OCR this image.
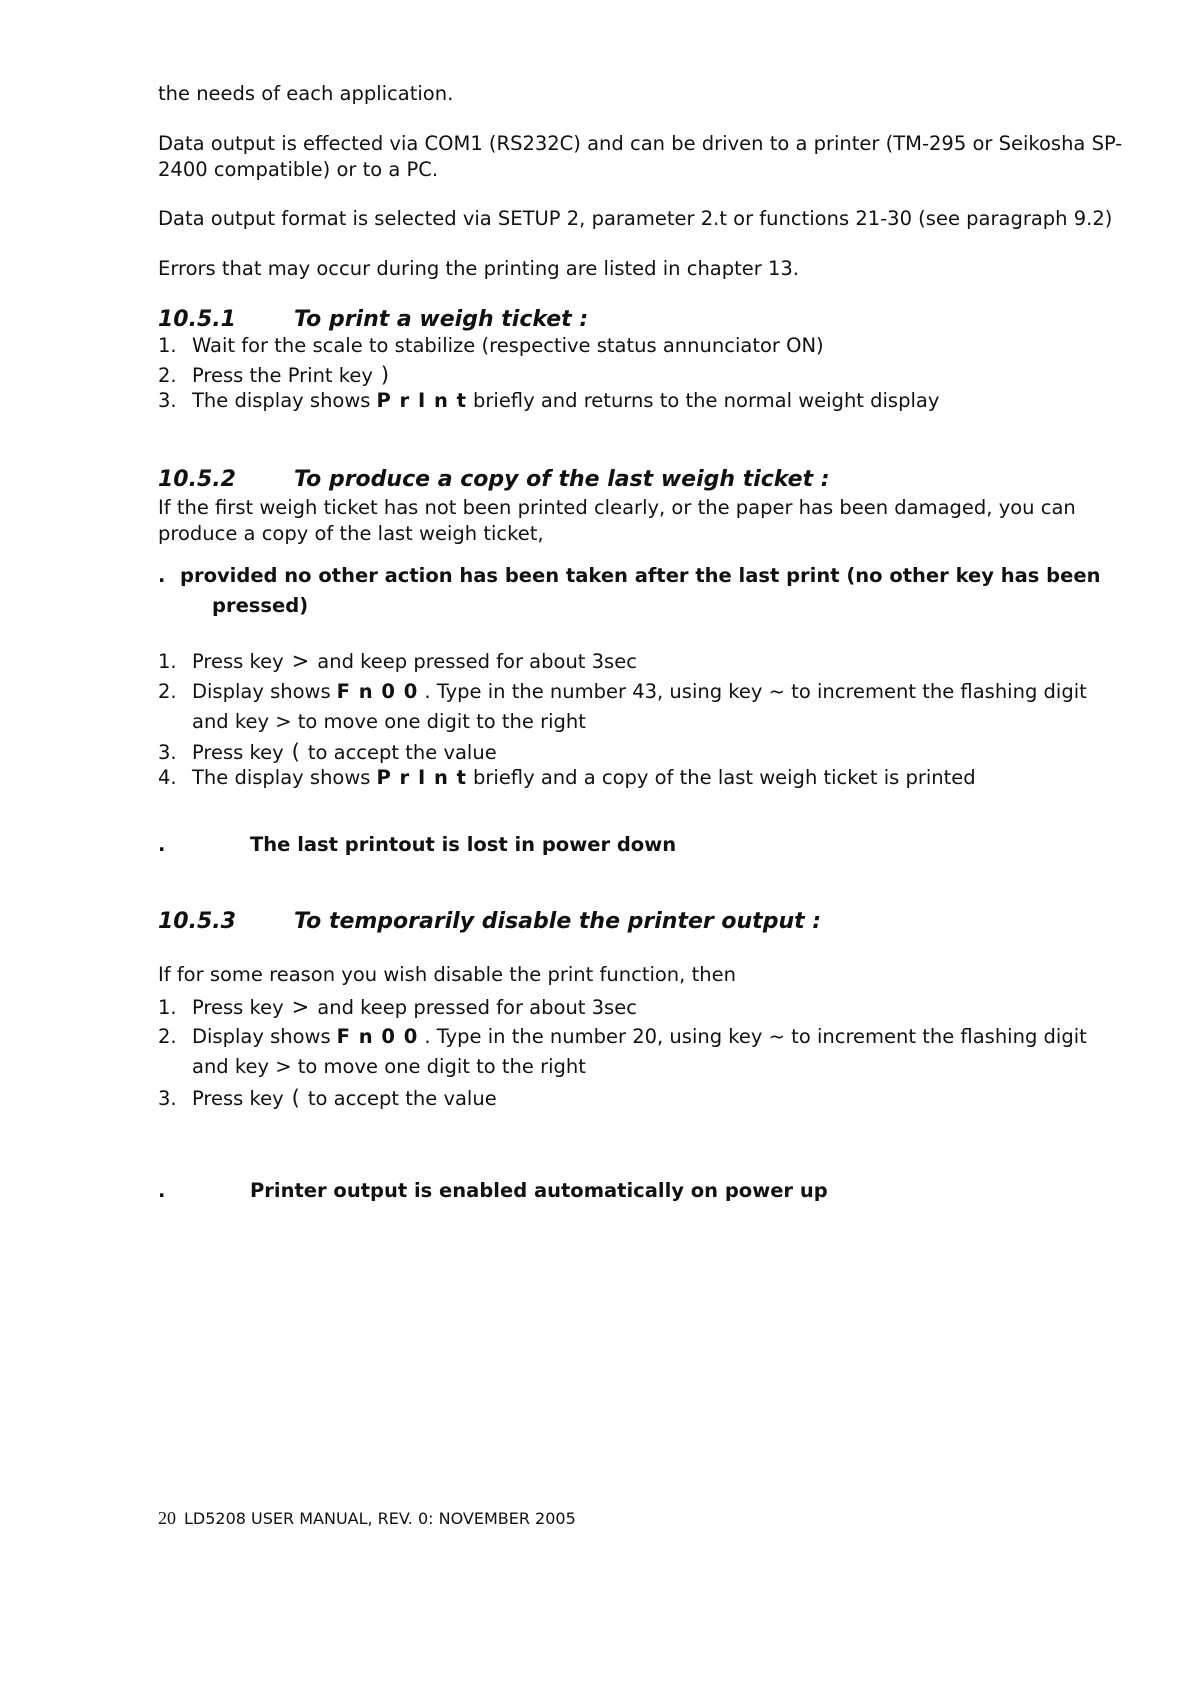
the needs of each application.
Data output is effected via COM1 (RS232C) and can be driven to a printer (TM-295 or Seikosha SP-
2400 compatible) or to a PC.
Data output format is selected via SETUP 2, parameter 2.t or functions 21-30 (see paragraph 9.2)
Errors that may occur during the printing are listed in chapter 13.
10.5.1	To print a weigh ticket :
1. Wait for the scale to stabilize (respective status annunciator ON)
2. Press the Print key )
3. The display shows P r I n t briefly and returns to the normal weight display
10.5.2	To produce a copy of the last weigh ticket :
If the first weigh ticket has not been printed clearly, or the paper has been damaged, you can
produce a copy of the last weigh ticket,
. provided no other action has been taken after the last print (no other key has been
pressed)
1. Press key > and keep pressed for about 3sec
2. Display shows F n 0 0 . Type in the number 43, using key ~ to increment the flashing digit
and key > to move one digit to the right
3. Press key ( to accept the value
4. The display shows P r I n t briefly and a copy of the last weigh ticket is printed
.	The last printout is lost in power down
10.5.3	To temporarily disable the printer output :
If for some reason you wish disable the print function, then
1. Press key > and keep pressed for about 3sec
2. Display shows F n 0 0 . Type in the number 20, using key ~ to increment the flashing digit
and key > to move one digit to the right
3. Press key ( to accept the value
.	Printer output is enabled automatically on power up
20 LD5208 USER MANUAL, REV. 0: NOVEMBER 2005
